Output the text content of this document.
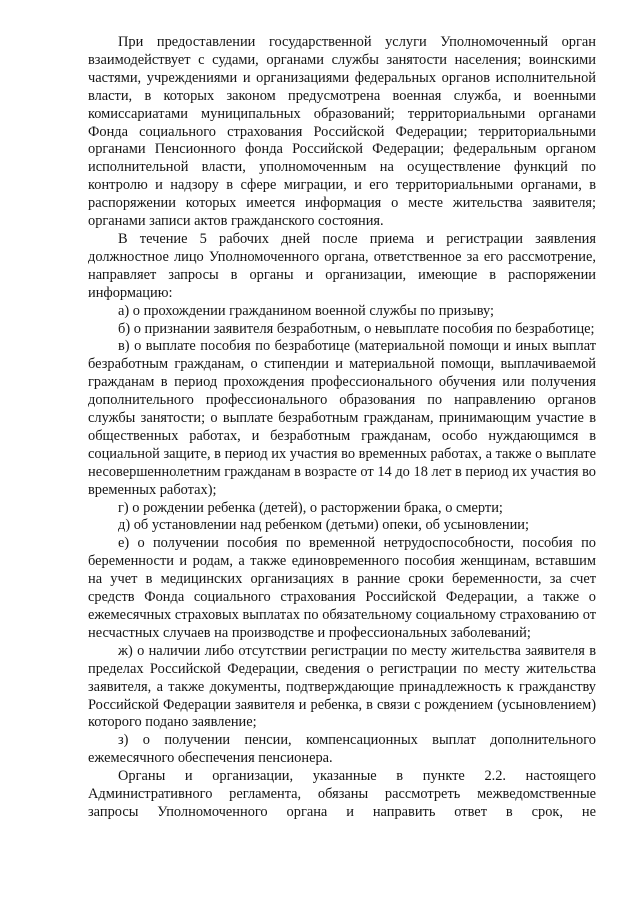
При предоставлении государственной услуги Уполномоченный орган взаимодействует с судами, органами службы занятости населения; воинскими частями, учреждениями и организациями федеральных органов исполнительной власти, в которых законом предусмотрена военная служба, и военными комиссариатами муниципальных образований; территориальными органами Фонда социального страхования Российской Федерации; территориальными органами Пенсионного фонда Российской Федерации; федеральным органом исполнительной власти, уполномоченным на осуществление функций по контролю и надзору в сфере миграции, и его территориальными органами, в распоряжении которых имеется информация о месте жительства заявителя; органами записи актов гражданского состояния.

В течение 5 рабочих дней после приема и регистрации заявления должностное лицо Уполномоченного органа, ответственное за его рассмотрение, направляет запросы в органы и организации, имеющие в распоряжении информацию:

а) о прохождении гражданином военной службы по призыву;

б) о признании заявителя безработным, о невыплате пособия по безработице;

в) о выплате пособия по безработице (материальной помощи и иных выплат безработным гражданам, о стипендии и материальной помощи, выплачиваемой гражданам в период прохождения профессионального обучения или получения дополнительного профессионального образования по направлению органов службы занятости; о выплате безработным гражданам, принимающим участие в общественных работах, и безработным гражданам, особо нуждающимся в социальной защите, в период их участия во временных работах, а также о выплате несовершеннолетним гражданам в возрасте от 14 до 18 лет в период их участия во временных работах);

г) о рождении ребенка (детей), о расторжении брака, о смерти;

д) об установлении над ребенком (детьми) опеки, об усыновлении;

е) о получении пособия по временной нетрудоспособности, пособия по беременности и родам, а также единовременного пособия женщинам, вставшим на учет в медицинских организациях в ранние сроки беременности, за счет средств Фонда социального страхования Российской Федерации, а также о ежемесячных страховых выплатах по обязательному социальному страхованию от несчастных случаев на производстве и профессиональных заболеваний;

ж) о наличии либо отсутствии регистрации по месту жительства заявителя в пределах Российской Федерации, сведения о регистрации по месту жительства заявителя, а также документы, подтверждающие принадлежность к гражданству Российской Федерации заявителя и ребенка, в связи с рождением (усыновлением) которого подано заявление;

з) о получении пенсии, компенсационных выплат дополнительного ежемесячного обеспечения пенсионера.

Органы и организации, указанные в пункте 2.2. настоящего Административного регламента, обязаны рассмотреть межведомственные запросы Уполномоченного органа и направить ответ в срок, не
